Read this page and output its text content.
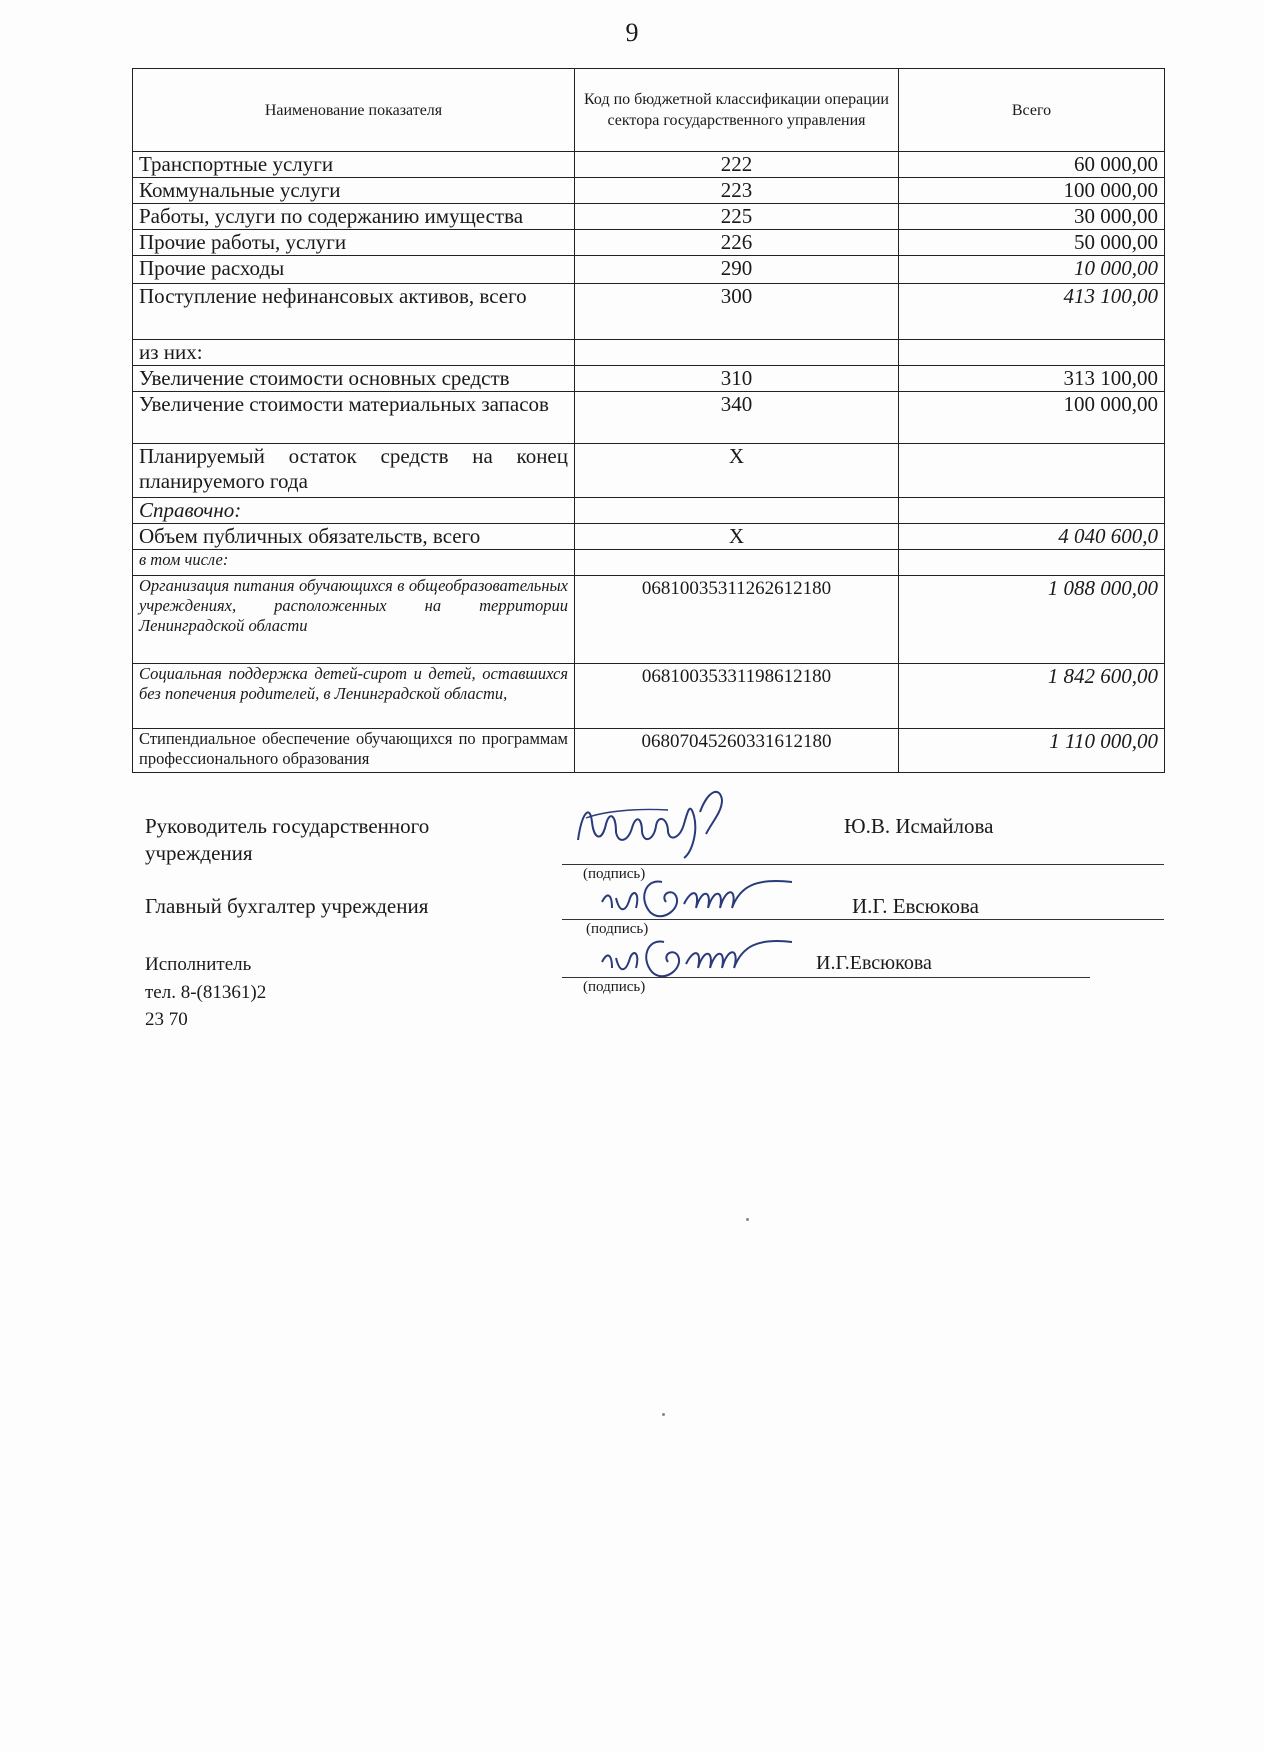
9
Наименование показателя	Код по бюджетной классификации операции сектора государственного управления	Всего
Транспортные услуги	222	60 000,00
Коммунальные услуги	223	100 000,00
Работы, услуги по содержанию имущества	225	30 000,00
Прочие работы, услуги	226	50 000,00
Прочие расходы	290	10 000,00
Поступление нефинансовых активов, всего	300	413 100,00
из них:		
Увеличение стоимости основных средств	310	313 100,00
Увеличение стоимости материальных запасов	340	100 000,00
Планируемый остаток средств на конец планируемого года	X	
Справочно:		
Объем публичных обязательств, всего	X	4 040 600,0
в том числе:		
Организация питания обучающихся в общеобразовательных учреждениях, расположенных на территории Ленинградской области	06810035311262612180	1 088 000,00
Социальная поддержка детей-сирот и детей, оставшихся без попечения родителей, в Ленинградской области,	06810035331198612180	1 842 600,00
Стипендиальное обеспечение обучающихся по программам профессионального образования	06807045260331612180	1 110 000,00
Руководитель государственного учреждения
Ю.В. Исмайлова
(подпись)
Главный бухгалтер учреждения	И.Г. Евсюкова
(подпись)
Исполнитель
тел. 8-(81361)2 23 70
И.Г.Евсюкова
(подпись)
